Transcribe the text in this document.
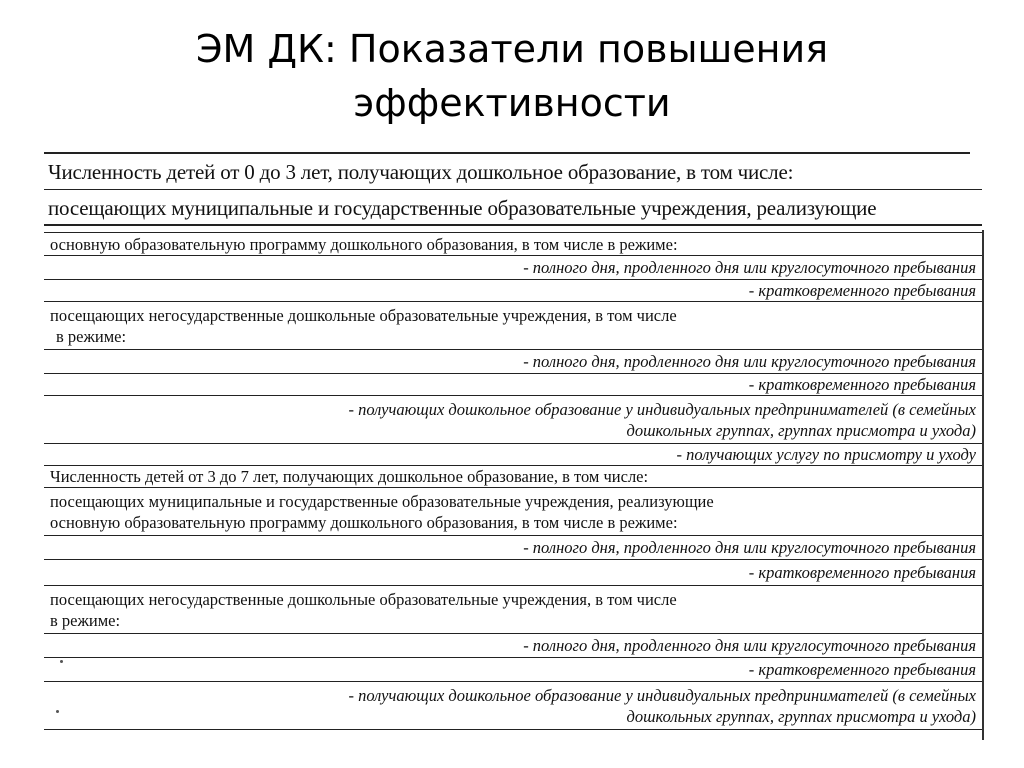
ЭМ ДК: Показатели повышения
эффективности
Численность детей от 0 до 3 лет, получающих дошкольное образование, в том числе:
посещающих муниципальные и государственные образовательные учреждения, реализующие
основную образовательную программу дошкольного образования, в том числе в режиме:
- полного дня, продленного дня или круглосуточного пребывания
- кратковременного пребывания
посещающих негосударственные дошкольные образовательные учреждения, в том числе
в режиме:
- полного дня, продленного дня или круглосуточного пребывания
- кратковременного пребывания
- получающих дошкольное образование у индивидуальных предпринимателей (в семейных
дошкольных группах, группах присмотра и ухода)
- получающих услугу по присмотру и уходу
Численность детей от 3 до 7 лет, получающих дошкольное образование, в том числе:
посещающих муниципальные и государственные образовательные учреждения, реализующие
основную образовательную программу дошкольного образования, в том числе в режиме:
- полного дня, продленного дня или круглосуточного пребывания
- кратковременного пребывания
посещающих негосударственные дошкольные образовательные учреждения, в том числе
в режиме:
- полного дня, продленного дня или круглосуточного пребывания
- кратковременного пребывания
- получающих дошкольное образование у индивидуальных предпринимателей (в семейных
дошкольных группах, группах присмотра и ухода)
